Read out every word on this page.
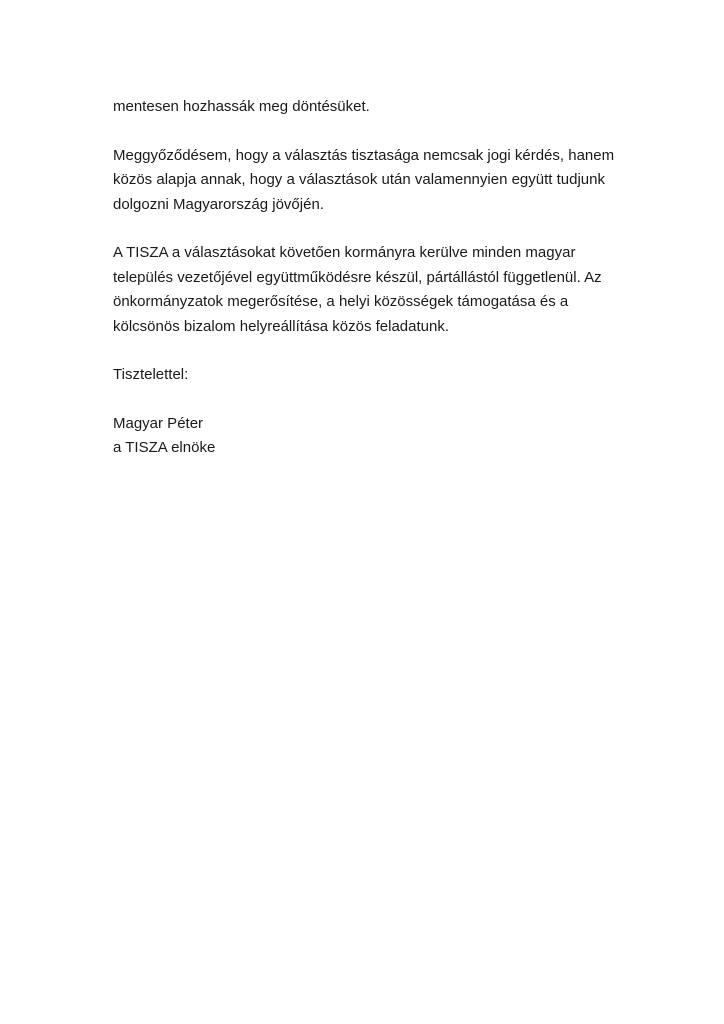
mentesen hozhassák meg döntésüket.

Meggyőződésem, hogy a választás tisztasága nemcsak jogi kérdés, hanem
közös alapja annak, hogy a választások után valamennyien együtt tudjunk
dolgozni Magyarország jövőjén.

A TISZA a választásokat követően kormányra kerülve minden magyar
település vezetőjével együttműködésre készül, pártállástól függetlenül. Az
önkormányzatok megerősítése, a helyi közösségek támogatása és a
kölcsönös bizalom helyreállítása közös feladatunk.

Tisztelettel:

Magyar Péter
a TISZA elnöke
